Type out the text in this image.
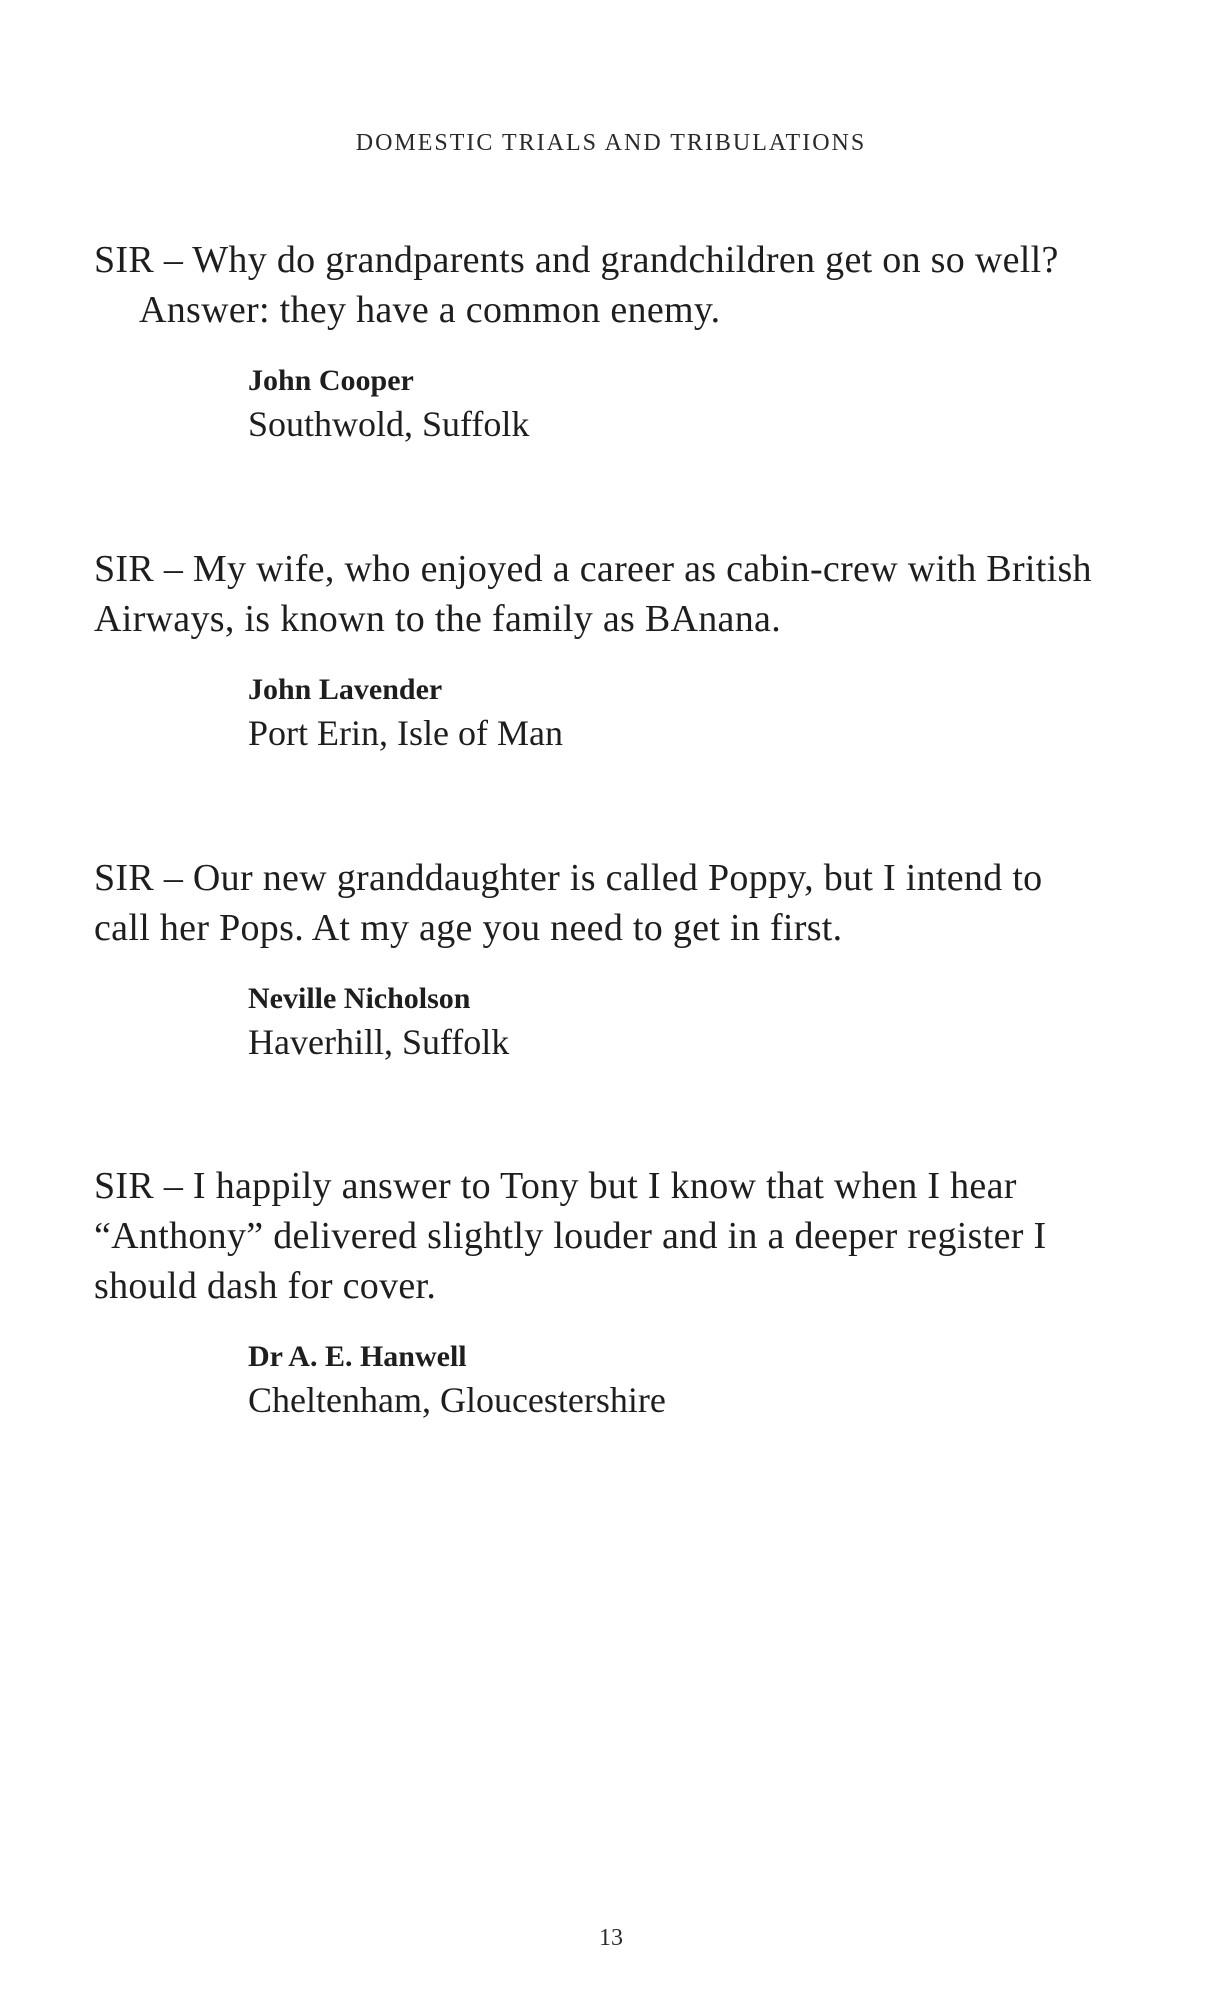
DOMESTIC TRIALS AND TRIBULATIONS

SIR – Why do grandparents and grandchildren get on so well?

Answer: they have a common enemy.

John Cooper
Southwold, Suffolk

SIR – My wife, who enjoyed a career as cabin-crew with British Airways, is known to the family as BAnana.

John Lavender
Port Erin, Isle of Man

SIR – Our new granddaughter is called Poppy, but I intend to call her Pops. At my age you need to get in first.

Neville Nicholson
Haverhill, Suffolk

SIR – I happily answer to Tony but I know that when I hear “Anthony” delivered slightly louder and in a deeper register I should dash for cover.

Dr A. E. Hanwell
Cheltenham, Gloucestershire
13
